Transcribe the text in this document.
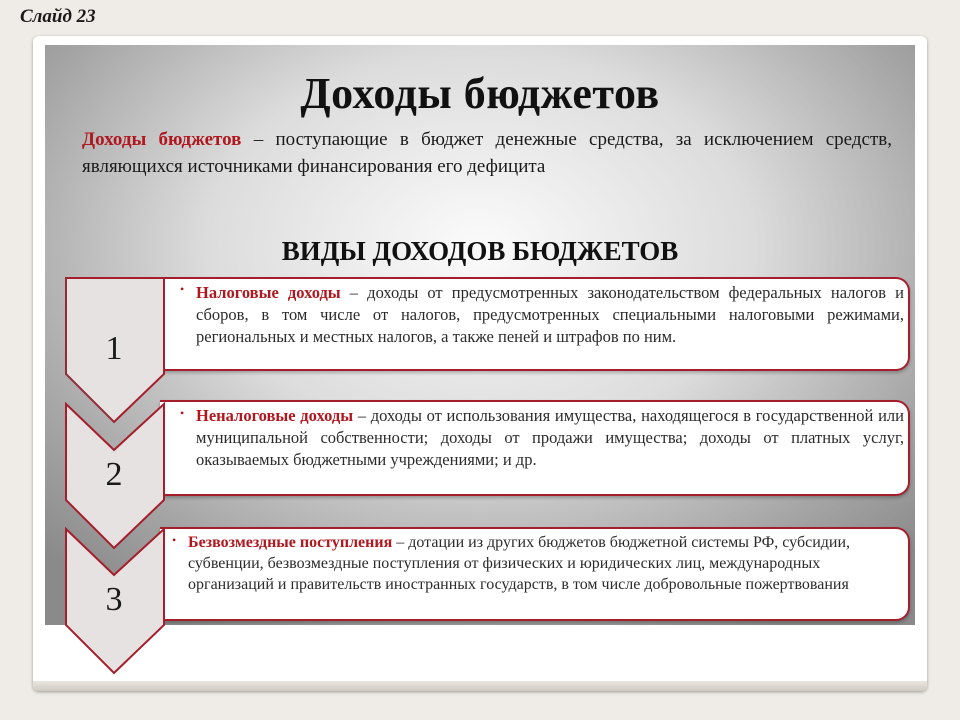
Слайд 23
Доходы бюджетов

Доходы бюджетов – поступающие в бюджет денежные средства, за исключением средств, являющихся источниками финансирования его дефицита

ВИДЫ ДОХОДОВ БЮДЖЕТОВ
1
• Налоговые доходы – доходы от предусмотренных законодательством федеральных налогов и сборов, в том числе от налогов, предусмотренных специальными налоговыми режимами, региональных и местных налогов, а также пеней и штрафов по ним.

2
• Неналоговые доходы – доходы от использования имущества, находящегося в государственной или муниципальной собственности; доходы от продажи имущества; доходы от платных услуг, оказываемых бюджетными учреждениями; и др.

3
• Безвозмездные поступления – дотации из других бюджетов бюджетной системы РФ, субсидии, субвенции, безвозмездные поступления от физических и юридических лиц, международных организаций и правительств иностранных государств, в том числе добровольные пожертвования
